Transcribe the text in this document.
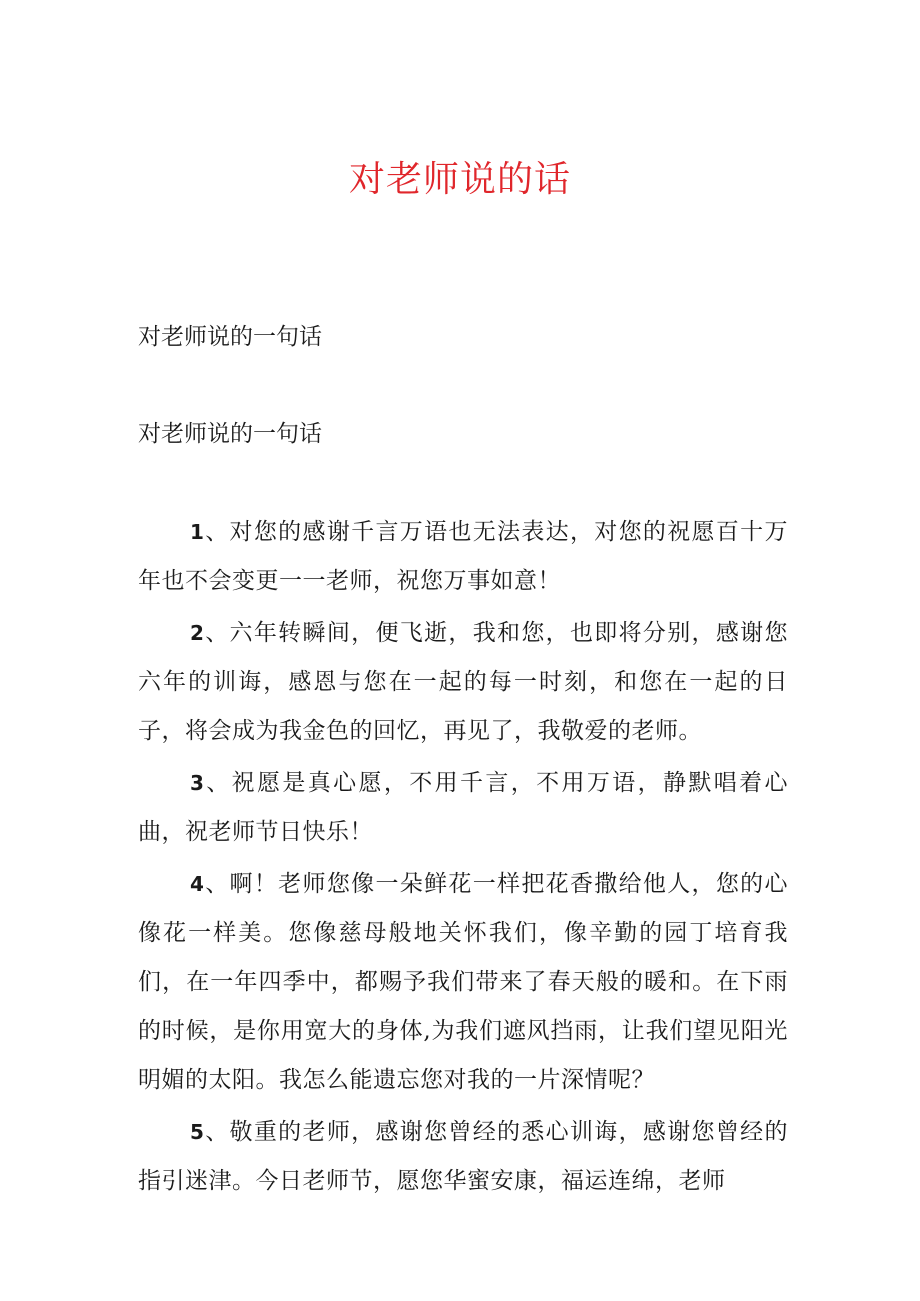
对老师说的话
对老师说的一句话
对老师说的一句话

1、对您的感谢千言万语也无法表达，对您的祝愿百十万年也不会变更一一老师，祝您万事如意！

2、六年转瞬间，便飞逝，我和您，也即将分别，感谢您六年的训诲，感恩与您在一起的每一时刻，和您在一起的日子，将会成为我金色的回忆，再见了，我敬爱的老师。

3、祝愿是真心愿，不用千言，不用万语，静默唱着心曲，祝老师节日快乐！

4、啊！老师您像一朵鲜花一样把花香撒给他人，您的心像花一样美。您像慈母般地关怀我们，像辛勤的园丁培育我们，在一年四季中，都赐予我们带来了春天般的暖和。在下雨的时候，是你用宽大的身体,为我们遮风挡雨，让我们望见阳光明媚的太阳。我怎么能遗忘您对我的一片深情呢？

5、敬重的老师，感谢您曾经的悉心训诲，感谢您曾经的指引迷津。今日老师节，愿您华蜜安康，福运连绵，老师
